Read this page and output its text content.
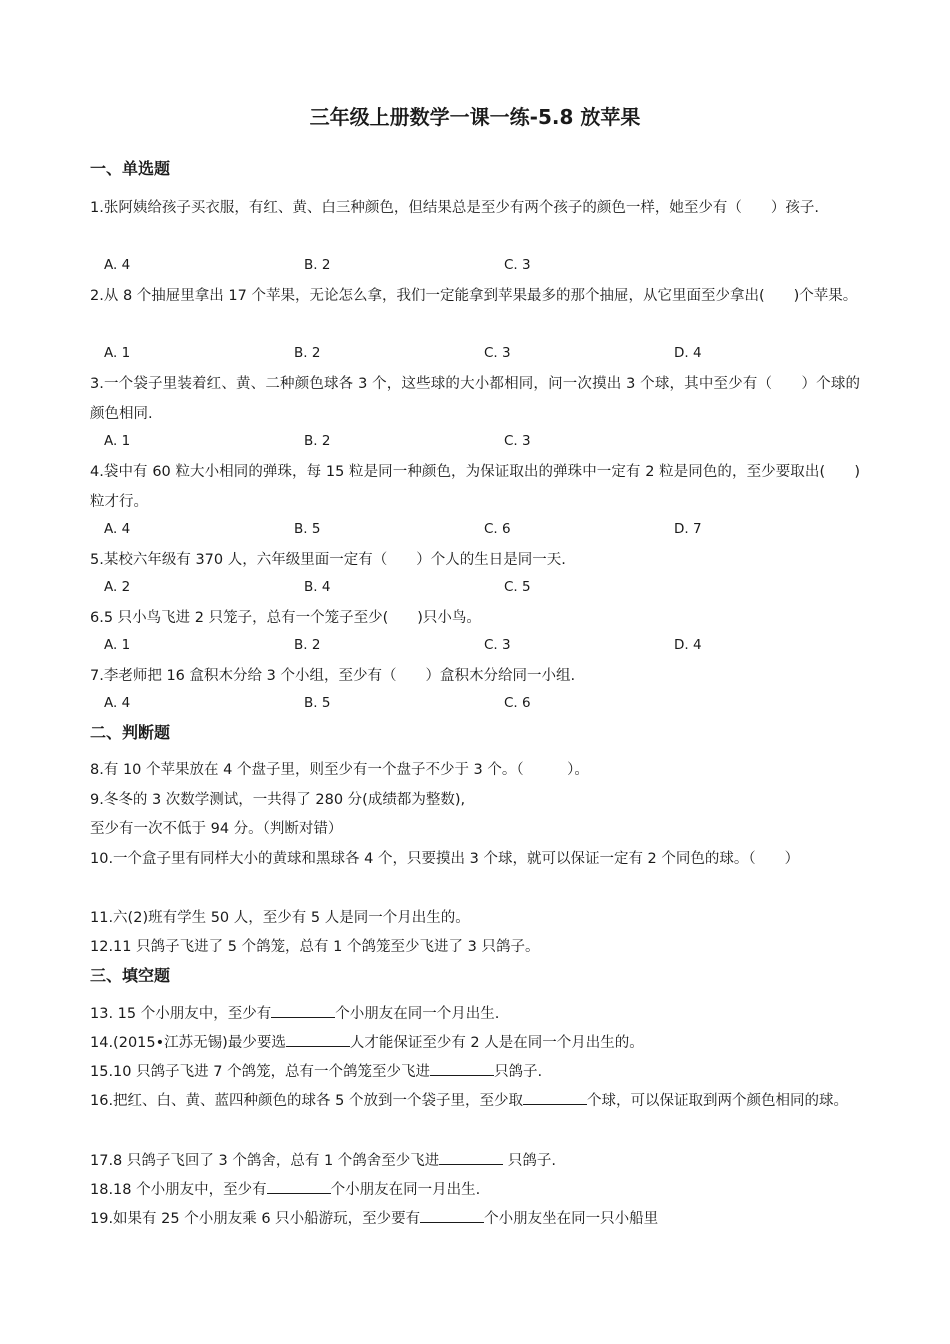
三年级上册数学一课一练-5.8 放苹果
一、单选题
1.张阿姨给孩子买衣服，有红、黄、白三种颜色，但结果总是至少有两个孩子的颜色一样，她至少有（　　）孩子.
A. 4	B. 2	C. 3
2.从 8 个抽屉里拿出 17 个苹果，无论怎么拿，我们一定能拿到苹果最多的那个抽屉，从它里面至少拿出(　　)个苹果。
A. 1	B. 2	C. 3	D. 4
3.一个袋子里装着红、黄、二种颜色球各 3 个，这些球的大小都相同，问一次摸出 3 个球，其中至少有（　　）个球的颜色相同.
A. 1	B. 2	C. 3
4.袋中有 60 粒大小相同的弹珠，每 15 粒是同一种颜色，为保证取出的弹珠中一定有 2 粒是同色的，至少要取出(　　)粒才行。
A. 4	B. 5	C. 6	D. 7
5.某校六年级有 370 人，六年级里面一定有（　　）个人的生日是同一天.
A. 2	B. 4	C. 5
6.5 只小鸟飞进 2 只笼子，总有一个笼子至少(　　)只小鸟。
A. 1	B. 2	C. 3	D. 4
7.李老师把 16 盒积木分给 3 个小组，至少有（　　）盒积木分给同一小组.
A. 4	B. 5	C. 6
二、判断题
8.有 10 个苹果放在 4 个盘子里，则至少有一个盘子不少于 3 个。（　　　）。
9.冬冬的 3 次数学测试，一共得了 280 分(成绩都为整数),
至少有一次不低于 94 分。（判断对错）
10.一个盒子里有同样大小的黄球和黑球各 4 个，只要摸出 3 个球，就可以保证一定有 2 个同色的球。（　　）
11.六(2)班有学生 50 人，至少有 5 人是同一个月出生的。
12.11 只鸽子飞进了 5 个鸽笼，总有 1 个鸽笼至少飞进了 3 只鸽子。
三、填空题
13. 15 个小朋友中，至少有	个小朋友在同一个月出生.
14.(2015•江苏无锡)最少要选	人才能保证至少有 2 人是在同一个月出生的。
15.10 只鸽子飞进 7 个鸽笼，总有一个鸽笼至少飞进	只鸽子.
16.把红、白、黄、蓝四种颜色的球各 5 个放到一个袋子里，至少取	个球，可以保证取到两个颜色相同的球。
17.8 只鸽子飞回了 3 个鸽舍，总有 1 个鸽舍至少飞进	只鸽子.
18.18 个小朋友中，至少有	个小朋友在同一月出生.
19.如果有 25 个小朋友乘 6 只小船游玩，至少要有	个小朋友坐在同一只小船里
